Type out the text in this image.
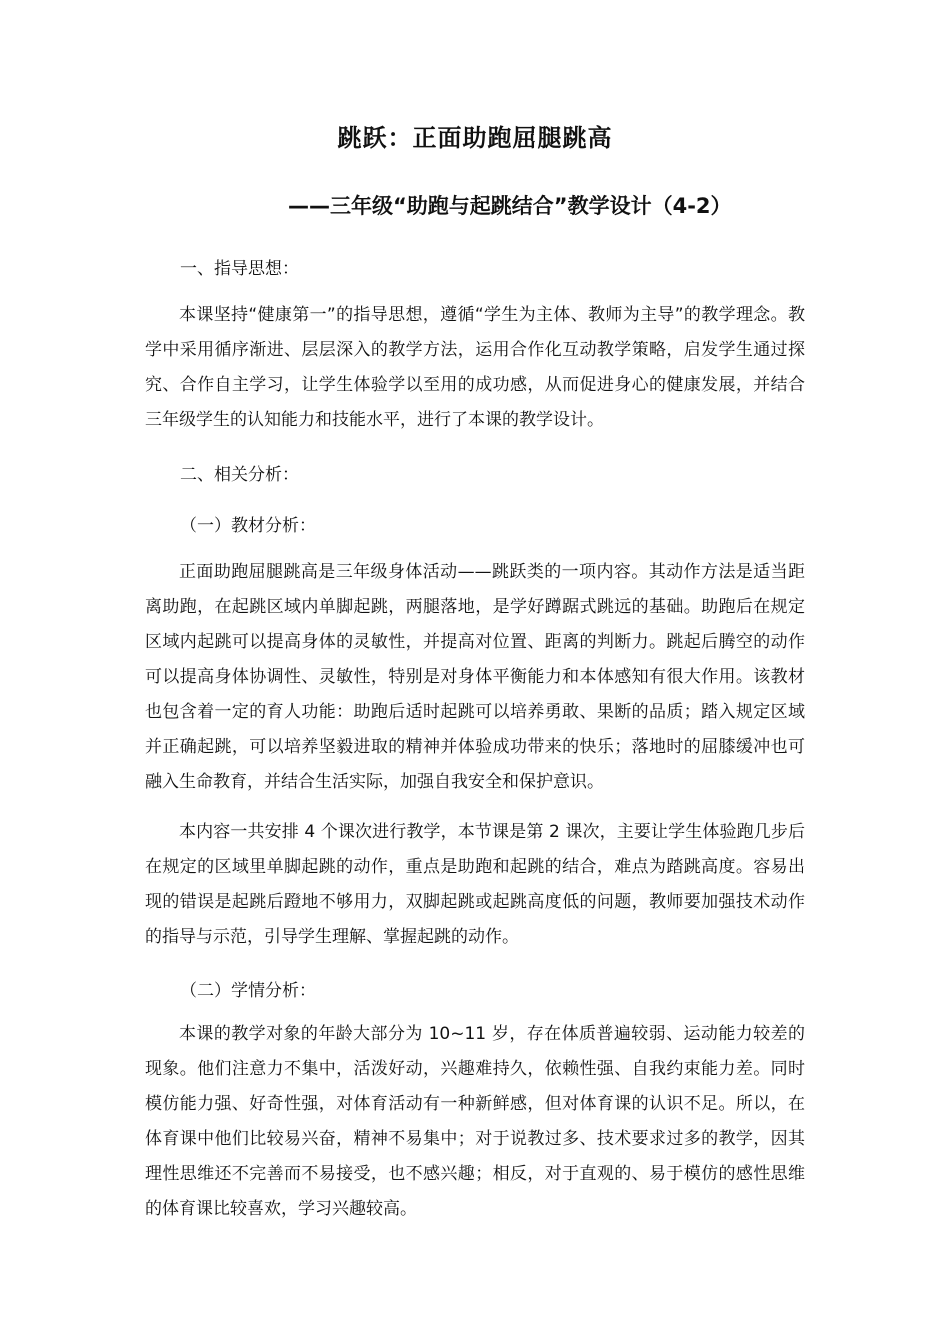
跳跃：正面助跑屈腿跳高
——三年级“助跑与起跳结合”教学设计（4-2）

一、指导思想：

本课坚持“健康第一”的指导思想，遵循“学生为主体、教师为主导”的教学理念。教学中采用循序渐进、层层深入的教学方法，运用合作化互动教学策略，启发学生通过探究、合作自主学习，让学生体验学以至用的成功感，从而促进身心的健康发展，并结合三年级学生的认知能力和技能水平，进行了本课的教学设计。

二、相关分析：

（一）教材分析：

正面助跑屈腿跳高是三年级身体活动——跳跃类的一项内容。其动作方法是适当距离助跑，在起跳区域内单脚起跳，两腿落地，是学好蹲踞式跳远的基础。助跑后在规定区域内起跳可以提高身体的灵敏性，并提高对位置、距离的判断力。跳起后腾空的动作可以提高身体协调性、灵敏性，特别是对身体平衡能力和本体感知有很大作用。该教材也包含着一定的育人功能：助跑后适时起跳可以培养勇敢、果断的品质；踏入规定区域并正确起跳，可以培养坚毅进取的精神并体验成功带来的快乐；落地时的屈膝缓冲也可融入生命教育，并结合生活实际，加强自我安全和保护意识。

本内容一共安排 4 个课次进行教学，本节课是第 2 课次，主要让学生体验跑几步后在规定的区域里单脚起跳的动作，重点是助跑和起跳的结合，难点为踏跳高度。容易出现的错误是起跳后蹬地不够用力，双脚起跳或起跳高度低的问题，教师要加强技术动作的指导与示范，引导学生理解、掌握起跳的动作。

（二）学情分析：

本课的教学对象的年龄大部分为 10~11 岁，存在体质普遍较弱、运动能力较差的现象。他们注意力不集中，活泼好动，兴趣难持久，依赖性强、自我约束能力差。同时模仿能力强、好奇性强，对体育活动有一种新鲜感，但对体育课的认识不足。所以，在体育课中他们比较易兴奋，精神不易集中；对于说教过多、技术要求过多的教学，因其理性思维还不完善而不易接受，也不感兴趣；相反，对于直观的、易于模仿的感性思维的体育课比较喜欢，学习兴趣较高。
